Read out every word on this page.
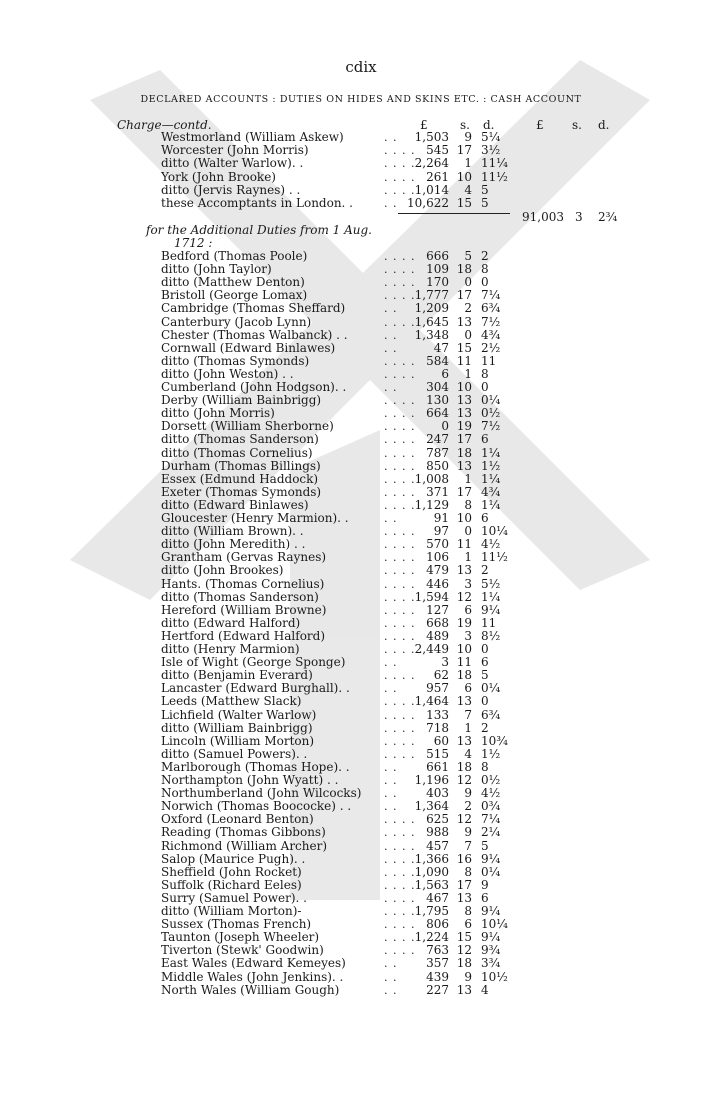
cdix
DECLARED ACCOUNTS : DUTIES ON HIDES AND SKINS ETC. : CASH ACCOUNT
Charge—contd.	£	s. d.	£ s. d.
Westmorland (William Askew)	. . 1,503 9 5¼
Worcester (John Morris)	. . . . 545 17 3½
ditto (Walter Warlow). .	. . . . 2,264 1 11¼
York (John Brooke)	. . . . 261 10 11½
ditto (Jervis Raynes) . .	. . . . 1,014 4 5
these Accomptants in London. .	. . 10,622 15 5
91,003 3 2¾
for the Additional Duties from 1 Aug.
1712 :
Bedford (Thomas Poole)	. . . . 666 5 2
ditto (John Taylor)	. . . . 109 18 8
ditto (Matthew Denton)	. . . . 170 0 0
Bristoll (George Lomax)	. . . . 1,777 17 7¼
Cambridge (Thomas Sheffard)	. . 1,209 2 6¾
Canterbury (Jacob Lynn)	. . . . 1,645 13 7½
Chester (Thomas Walbanck) . .	. . 1,348 0 4¾
Cornwall (Edward Binlawes)	. .	47 15 2½
ditto (Thomas Symonds)	. . . . 584 11 11
ditto (John Weston) . .	. . . . 6 1 8
Cumberland (John Hodgson). .	. . 304 10 0
Derby (William Bainbrigg)	. . . . 130 13 0¼
ditto (John Morris)	. . . . 664 13 0½
Dorsett (William Sherborne)	. . . . 0 19 7½
ditto (Thomas Sanderson)	. . . . 247 17 6
ditto (Thomas Cornelius)	. . . . 787 18 1¼
Durham (Thomas Billings)	. . . . 850 13 1½
Essex (Edmund Haddock)	. . . . 1,008 1 1¼
Exeter (Thomas Symonds)	. . . . 371 17 4¾
ditto (Edward Binlawes)	. . . . 1,129 8 1¼
Gloucester (Henry Marmion). .	. .	91 10 6
ditto (William Brown). .	. . . . 97 0 10¼
ditto (John Meredith) . .	. . . . 570 11 4½
Grantham (Gervas Raynes)	. . . . 106 1 11½
ditto (John Brookes)	. . . . 479 13 2
Hants. (Thomas Cornelius)	. . . . 446 3 5½
ditto (Thomas Sanderson)	. . . . 1,594 12 1¼
Hereford (William Browne)	. . . . 127 6 9¼
ditto (Edward Halford)	. . . . 668 19 11
Hertford (Edward Halford)	. . . . 489 3 8½
ditto (Henry Marmion)	. . . . 2,449 10 0
Isle of Wight (George Sponge)	. .	3 11 6
ditto (Benjamin Everard)	. . . . 62 18 5
Lancaster (Edward Burghall). .	. . 957 6 0¼
Leeds (Matthew Slack)	. . . . 1,464 13 0
Lichfield (Walter Warlow)	. . . . 133 7 6¾
ditto (William Bainbrigg)	. . . . 718 1 2
Lincoln (William Morton)	. . . . 60 13 10¾
ditto (Samuel Powers). .	. . . . 515 4 1½
Marlborough (Thomas Hope). .	. . 661 18 8
Northampton (John Wyatt) . .	. . 1,196 12 0½
Northumberland (John Wilcocks) . . 403 9 4½
Norwich (Thomas Boococke) . .	. . 1,364 2 0¾
Oxford (Leonard Benton)	. . . . 625 12 7¼
Reading (Thomas Gibbons)	. . . . 988 9 2¼
Richmond (William Archer)	. . . . 457 7 5
Salop (Maurice Pugh). .	. . . . 1,366 16 9¼
Sheffield (John Rocket)	. . . . 1,090 8 0¼
Suffolk (Richard Eeles)	. . . . 1,563 17 9
Surry (Samuel Power). .	. . . . 467 13 6
ditto (William Morton)-	. . . . 1,795 8 9¼
Sussex (Thomas French)	. . . . 806 6 10¼
Taunton (Joseph Wheeler)	. . . . 1,224 15 9¼
Tiverton (Stewk' Goodwin)	. . . . 763 12 9¾
East Wales (Edward Kemeyes)	. . 357 18 3¾
Middle Wales (John Jenkins). .	. . 439 9 10½
North Wales (William Gough)	. . 227 13 4
